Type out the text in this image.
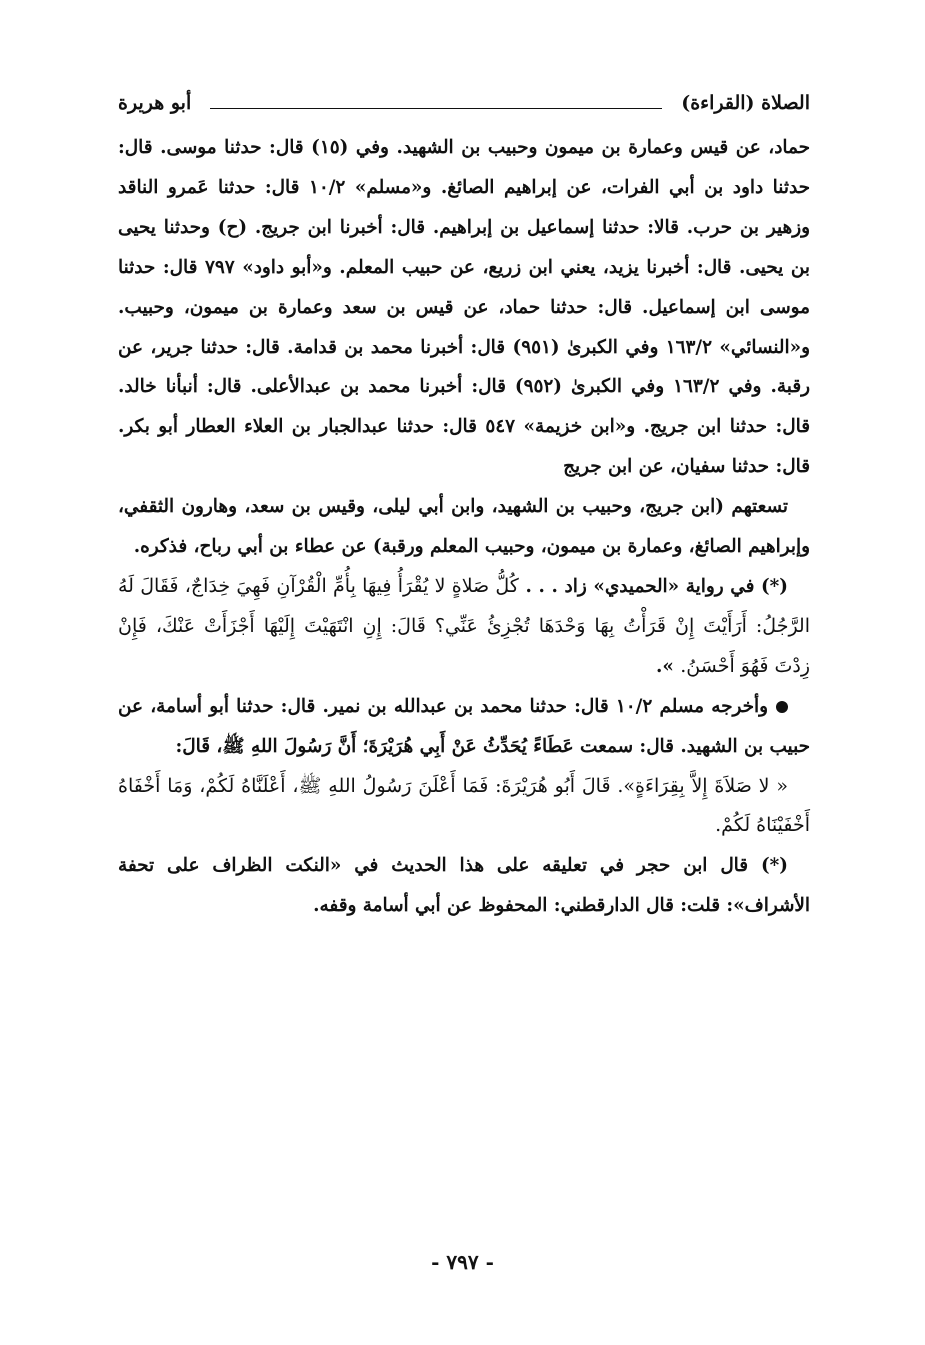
الصلاة (القراءة)
أبو هريرة

حماد، عن قيس وعمارة بن ميمون وحبيب بن الشهيد. وفي (١٥) قال: حدثنا موسى. قال: حدثنا داود بن أبي الفرات، عن إبراهيم الصائغ. و«مسلم» ١٠/٢ قال: حدثنا عَمرو الناقد وزهير بن حرب. قالا: حدثنا إسماعيل بن إبراهيم. قال: أخبرنا ابن جريج. (ح) وحدثنا يحيى بن يحيى. قال: أخبرنا يزيد، يعني ابن زريع، عن حبيب المعلم. و«أبو داود» ٧٩٧ قال: حدثنا موسى ابن إسماعيل. قال: حدثنا حماد، عن قيس بن سعد وعمارة بن ميمون، وحبيب. و«النسائي» ١٦٣/٢ وفي الكبرىٰ (٩٥١) قال: أخبرنا محمد بن قدامة. قال: حدثنا جرير، عن رقبة. وفي ١٦٣/٢ وفي الكبرىٰ (٩٥٢) قال: أخبرنا محمد بن عبدالأعلى. قال: أنبأنا خالد. قال: حدثنا ابن جريج. و«ابن خزيمة» ٥٤٧ قال: حدثنا عبدالجبار بن العلاء العطار أبو بكر. قال: حدثنا سفيان، عن ابن جريج

تسعتهم (ابن جريج، وحبيب بن الشهيد، وابن أبي ليلى، وقيس بن سعد، وهارون الثقفي، وإبراهيم الصائغ، وعمارة بن ميمون، وحبيب المعلم ورقبة) عن عطاء بن أبي رباح، فذكره.

(*) في رواية «الحميدي» زاد . . . كُلُّ صَلاةٍ لا يُقْرَأُ فِيهَا بِأُمِّ الْقُرْآنِ فَهِيَ خِدَاجٌ، فَقَالَ لَهُ الرَّجُلُ: أَرَأَيْتَ إِنْ قَرَأْتُ بِهَا وَحْدَهَا تُجْزِئُ عَنِّي؟ قَالَ: إِنِ انْتَهَيْتَ إِلَيْهَا أَجْزَأَتْ عَنْكَ، فَإِنْ زِدْتَ فَهُوَ أَحْسَنُ. ».

وأخرجه مسلم ١٠/٢ قال: حدثنا محمد بن عبدالله بن نمير. قال: حدثنا أبو أسامة، عن حبيب بن الشهيد. قال: سمعت عَطَاءً يُحَدِّثُ عَنْ أَبِي هُرَيْرَةَ؛ أَنَّ رَسُولَ اللهِ ﷺ، قَالَ:

« لا صَلاَةَ إِلاَّ بِقِرَاءَةٍ». قَالَ أَبُو هُرَيْرَةَ: فَمَا أَعْلَنَ رَسُولُ اللهِ ﷺ، أَعْلَنَّاهُ لَكُمْ، وَمَا أَخْفَاهُ أَخْفَيْنَاهُ لَكُمْ.

(*) قال ابن حجر في تعليقه على هذا الحديث في «النكت الظراف على تحفة الأشراف»: قلت: قال الدارقطني: المحفوظ عن أبي أسامة وقفه.

- ٧٩٧ -
